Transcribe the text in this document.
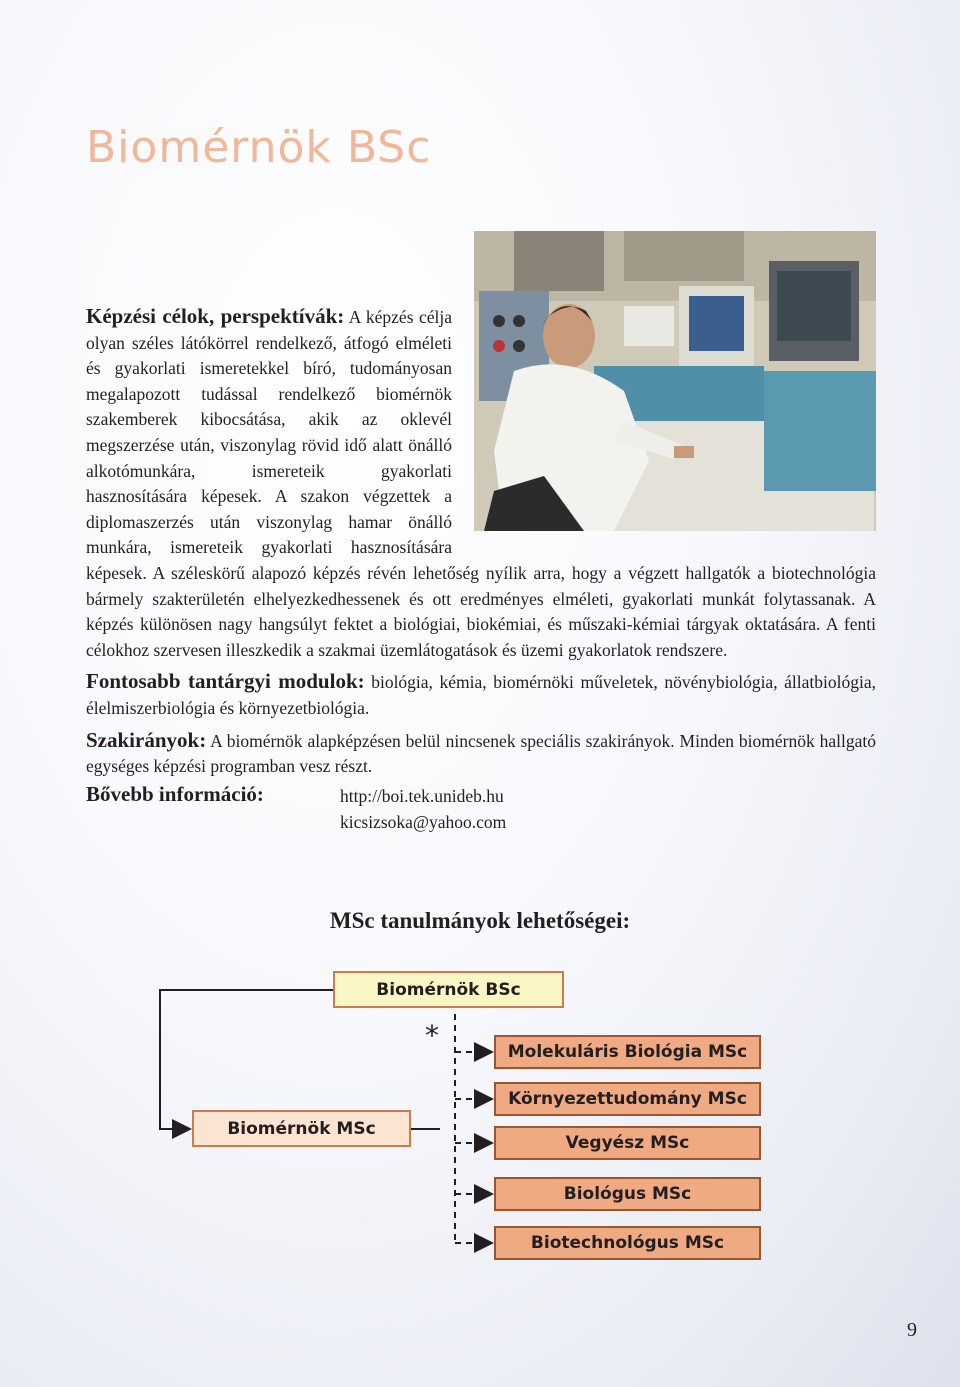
Biomérnök BSc

Képzési célok, perspektívák: A képzés célja olyan széles látókörrel rendelkező, átfogó elméleti és gyakorlati ismeretekkel bíró, tudományosan megalapozott tudással rendelkező biomérnök szakemberek kibocsátása, akik az oklevél megszerzése után, viszonylag rövid idő alatt önálló alkotómunkára, ismereteik gyakorlati hasznosítására képesek. A szakon végzettek a diplomaszerzés után viszonylag hamar önálló munkára, ismereteik gyakorlati hasznosítására képesek. A széleskörű alapozó képzés révén lehetőség nyílik arra, hogy a végzett hallgatók a biotechnológia bármely szakterületén elhelyezkedhessenek és ott eredményes elméleti, gyakorlati munkát folytassanak. A képzés különösen nagy hangsúlyt fektet a biológiai, biokémiai, és műszaki-kémiai tárgyak oktatására. A fenti célokhoz szervesen illeszkedik a szakmai üzemlátogatások és üzemi gyakorlatok rendszere.

Fontosabb tantárgyi modulok: biológia, kémia, biomérnöki műveletek, növénybiológia, állatbiológia, élelmiszerbiológia és környezetbiológia.

Szakirányok: A biomérnök alapképzésen belül nincsenek speciális szakirányok. Minden biomérnök hallgató egységes képzési programban vesz részt.

Bővebb információ:	http://boi.tek.unideb.hu
kicsizsoka@yahoo.com
MSc tanulmányok lehetőségei:
*
Biomérnök BSc
Biomérnök MSc
Molekuláris Biológia MSc
Környezettudomány MSc
Vegyész MSc
Biológus MSc
Biotechnológus MSc
9
